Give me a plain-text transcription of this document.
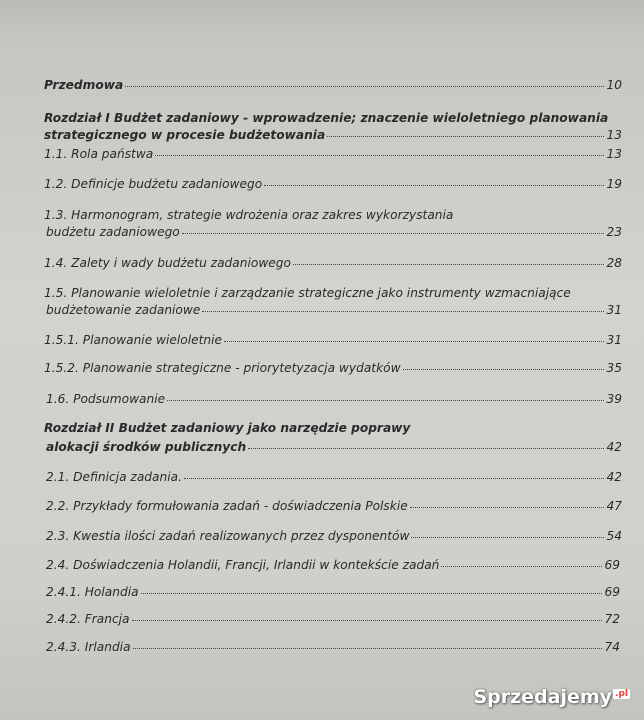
Przedmowa	10
Rozdział I Budżet zadaniowy - wprowadzenie; znaczenie wieloletniego planowania
strategicznego w procesie budżetowania	13
1.1. Rola państwa	13
1.2. Definicje budżetu zadaniowego	19
1.3. Harmonogram, strategie wdrożenia oraz zakres wykorzystania
budżetu zadaniowego	23
1.4. Zalety i wady budżetu zadaniowego	28
1.5. Planowanie wieloletnie i zarządzanie strategiczne jako instrumenty wzmacniające
budżetowanie zadaniowe	31
1.5.1. Planowanie wieloletnie	31
1.5.2. Planowanie strategiczne - priorytetyzacja wydatków	35
1.6. Podsumowanie	39
Rozdział II Budżet zadaniowy jako narzędzie poprawy
alokacji środków publicznych	42
2.1. Definicja zadania.	42
2.2. Przykłady formułowania zadań - doświadczenia Polskie	47
2.3. Kwestia ilości zadań realizowanych przez dysponentów	54
2.4. Doświadczenia Holandii, Francji, Irlandii w kontekście zadań	69
2.4.1. Holandia	69
2.4.2. Francja	72
2.4.3. Irlandia	74
Sprzedajemy $^{.pl}$
